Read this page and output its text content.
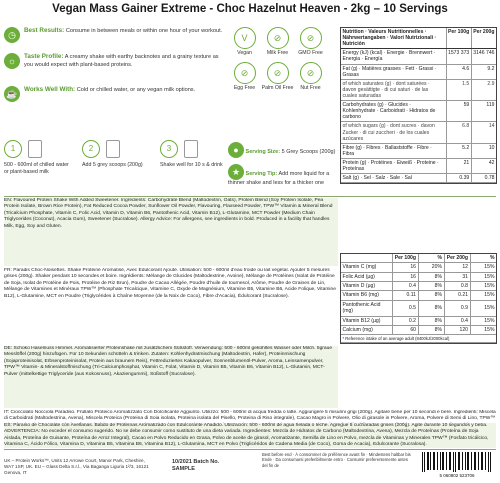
Vegan Mass Gainer Extreme - Choc Hazelnut Heaven - 2kg – 10 Servings
◷	Best Results: Consume in between meals or within one hour of your workout.
☼	Taste Profile: A creamy shake with earthy backnotes and a grainy texture as you would expect with plant-based proteins.
☕	Works Well With: Cold or chilled water, or any vegan milk options.
V
Vegan
⊘
Milk Free
⊘
GMO Free
⊘
Egg Free
⊘
Palm Oil Free
⊘
Nut Free
1
500 - 600ml of chilled water or plant-based milk
2
Add 5 grey scoops (200g)
3
Shake well for 10 s & drink
● Serving Size: 5 Grey Scoops (200g)
★ Serving Tip: Add more liquid for a thinner shake and less for a thicker one
Nutrition · Valeurs Nutritionnelles · Nährwertangaben · Valori Nutrizionali · Nutrición	Per 100g	Per 200g
Energy (kJ) (kcal) · Energie · Brennwert · Energia · Energía	1573 373	3146 746
Fat (g) · Matières grasses · Fett · Grassi · Grasas	4.6	9.2
of which saturates (g) · dont saturées · davon gesättigte · di cui saturi · de las cuales saturadas	1.5	2.9
Carbohydrates (g) · Glucides · Kohlenhydrate · Carboidrati · Hidratos de carbono	59	119
of which sugars (g) · dont sucres · davon Zucker · di cui zuccheri · de los cuales azúcares	6.8	14
Fibre (g) · Fibres · Ballaststoffe · Fibre · Fibra	5.2	10
Protein (g) · Protéines · Eiweiß · Proteine · Proteínas	21	42
Salt (g) · Sel · Salz · Sale · Sal	0.39	0.78
	Per 100g	%	Per 200g	%
Vitamin C (mg)	16	20%	12	15%
Folic Acid (µg)	16	8%	31	15%
Vitamin D (µg)	0.4	8%	0.8	15%
Vitamin B6 (mg)	0.11	8%	0.21	15%
Pantothenic Acid (mg)	0.5	8%	0.9	15%
Vitamin B12 (µg)	0.2	8%	0.4	15%
Calcium (mg)	60	8%	120	15%
* Reference intake of an average adult (8400kJ/2000kcal)				
EN: Flavoured Protein Shake With Added Sweetener. Ingredients: Carbohydrate Blend (Maltodextrin, Oats), Protein Blend (Soy Protein Isolate, Pea Protein Isolate, Brown Rice Protein), Fat Reduced Cocoa Powder, Sunflower Oil Powder, Flavouring, Flaxseed Powder, TPW™ Vitamin & Mineral Blend (Tricalcium Phosphate, Vitamin C, Folic Acid, Vitamin D, Vitamin B6, Pantothenic Acid, Vitamin B12), L-Glutamine, MCT Powder (Medium Chain Triglycerides (Coconut), Acacia Gum), Sweetener (Sucralose). Allergy Advice: For allergens, see ingredients in bold. Produced in a facility that handles Milk, Egg, Soy and Gluten.
FR: Paradis Choc-Noisettes. Shake Protéiné Aromatisé, Avec Édulcorant Ajouté. Utilisation: 500 - 600ml d'eau froide ou lait végétal. Ajouter 5 mesures grises (200g). Shaker pendant 10 secondes et boire. Ingrédients: Mélange de Glucides (Maltodextrine, Avoine), Mélange de Protéines (Isolat de Protéine de Soja, Isolat de Protéine de Pois, Protéine de Riz Brun), Poudre de Cacao Allégée, Poudre d'huile de tournesol, Arôme, Poudre de Graines de Lin, Mélange de Vitamines et Minéraux TPW™ (Phosphate Tricalcique, Vitamine C, Oxyde de Magnésium, Vitamine B5, Vitamine B6, Acide Folique, Vitamine B12), L-Glutamine, MCT en Poudre (Triglycérides à Chaîne Moyenne (de la Noix de Coco), Fibre d'Acacia), Édulcorant (Sucralose).
DE: Schoko Haselnuss Himmel. Aromatisierter Proteinshake mit zusätzlichem Süßstoff. Verwendung: 500 - 600ml gekühltes Wasser oder Milch. 5graue Messlöffel (200g) hinzufügen. Für 10 Sekunden schütteln & trinken. Zutaten: Kohlenhydratmischung (Maltodextrin, Hafer), Proteinmischung (Sojaproteinisolat, Erbsenproteinisolat, Protein aus braunem Reis), Fettreduziertes Kakaopulver, Sonnenblumenöl-Pulver, Aroma, Leinsamenpulver, TPW™ Vitamin- & Mineralstoffmischung (Tri-Calciumphosphat, Vitamin C, Folat, Vitamin D, Vitamin B5, Vitamin B6, Vitamin B12), L-Glutamin, MCT-Pulver (mittelkettige Triglyceride (aus Kokosnuss), Akaziengummi), Süßstoff (Sucralose).
IT: Cioccolato Nocciola Paradiso. Frullato Proteico Aromatizzato Con Dolcificante Aggiunto. Utilizzo: 500 - 600ml di acqua fredda o latte. Aggiungere 5 misurini grigi (200g). Agitare bene per 10 secondi e bere. Ingredienti: Miscela di Carboidrati (Maltodestrina, Avena), Miscela Proteica (Proteina di Soia isolata, Proteina isolata del Pisello, Proteina di Riso integrale), Cacao Magro in Polvere, Olio di girasole in Polvere, Aroma, Polvere di Semi di Lino, TPW™
ES: Paraíso de Chocolate con Avellanas. Batido de Proteínas Aromatizado con Edulcorante Añadido. Utilización: 500 - 600ml de agua helada o leche. Agregue 5 cucharadas grises (200g). Agite durante 10 segundos y beba. ADVERTENCIA: No exceder el consumo sugerido. No se debe consumir como sustituto de una dieta variada. Ingredientes: Mezcla de Hidratos de Carbono (Maltodextrina, Avena), Mezcla de Proteínas (Proteína de Soja Aislada, Proteína de Guisante, Proteína de Arroz Integral), Cacao en Polvo Reducido en Grasa, Polvo de aceite de girasol, Aromatizante, Semilla de Lino en Polvo, mezcla de Vitaminas y Minerales TPW™ (Fosfato tricálcico, Vitamina C, Ácido Fólico, Vitamina D, Vitamina B5, Vitamina B6, Vitamina B12), L-Glutamina, MCT en Polvo (Triglicéridos de Cadena Media (de Coco), Goma de Acacia), Edulcorante (Sucralosa).
UK – Protein Works™, Units 12 Arrowe Court, Manor Park, Cheshire, WA7 1SP, UK. EU – Glass Delta S.r.l., Via Baganga Liguria 1²/3, 16121 Genova, IT
10/2021 Batch No. SAMPLE
Best before end · À consommer de préférence avant fin · Mindestens haltbar bis Ende · Da consumarsi preferibilmente entro · Consumir preferentemente antes del fin de
5 060802 523706
